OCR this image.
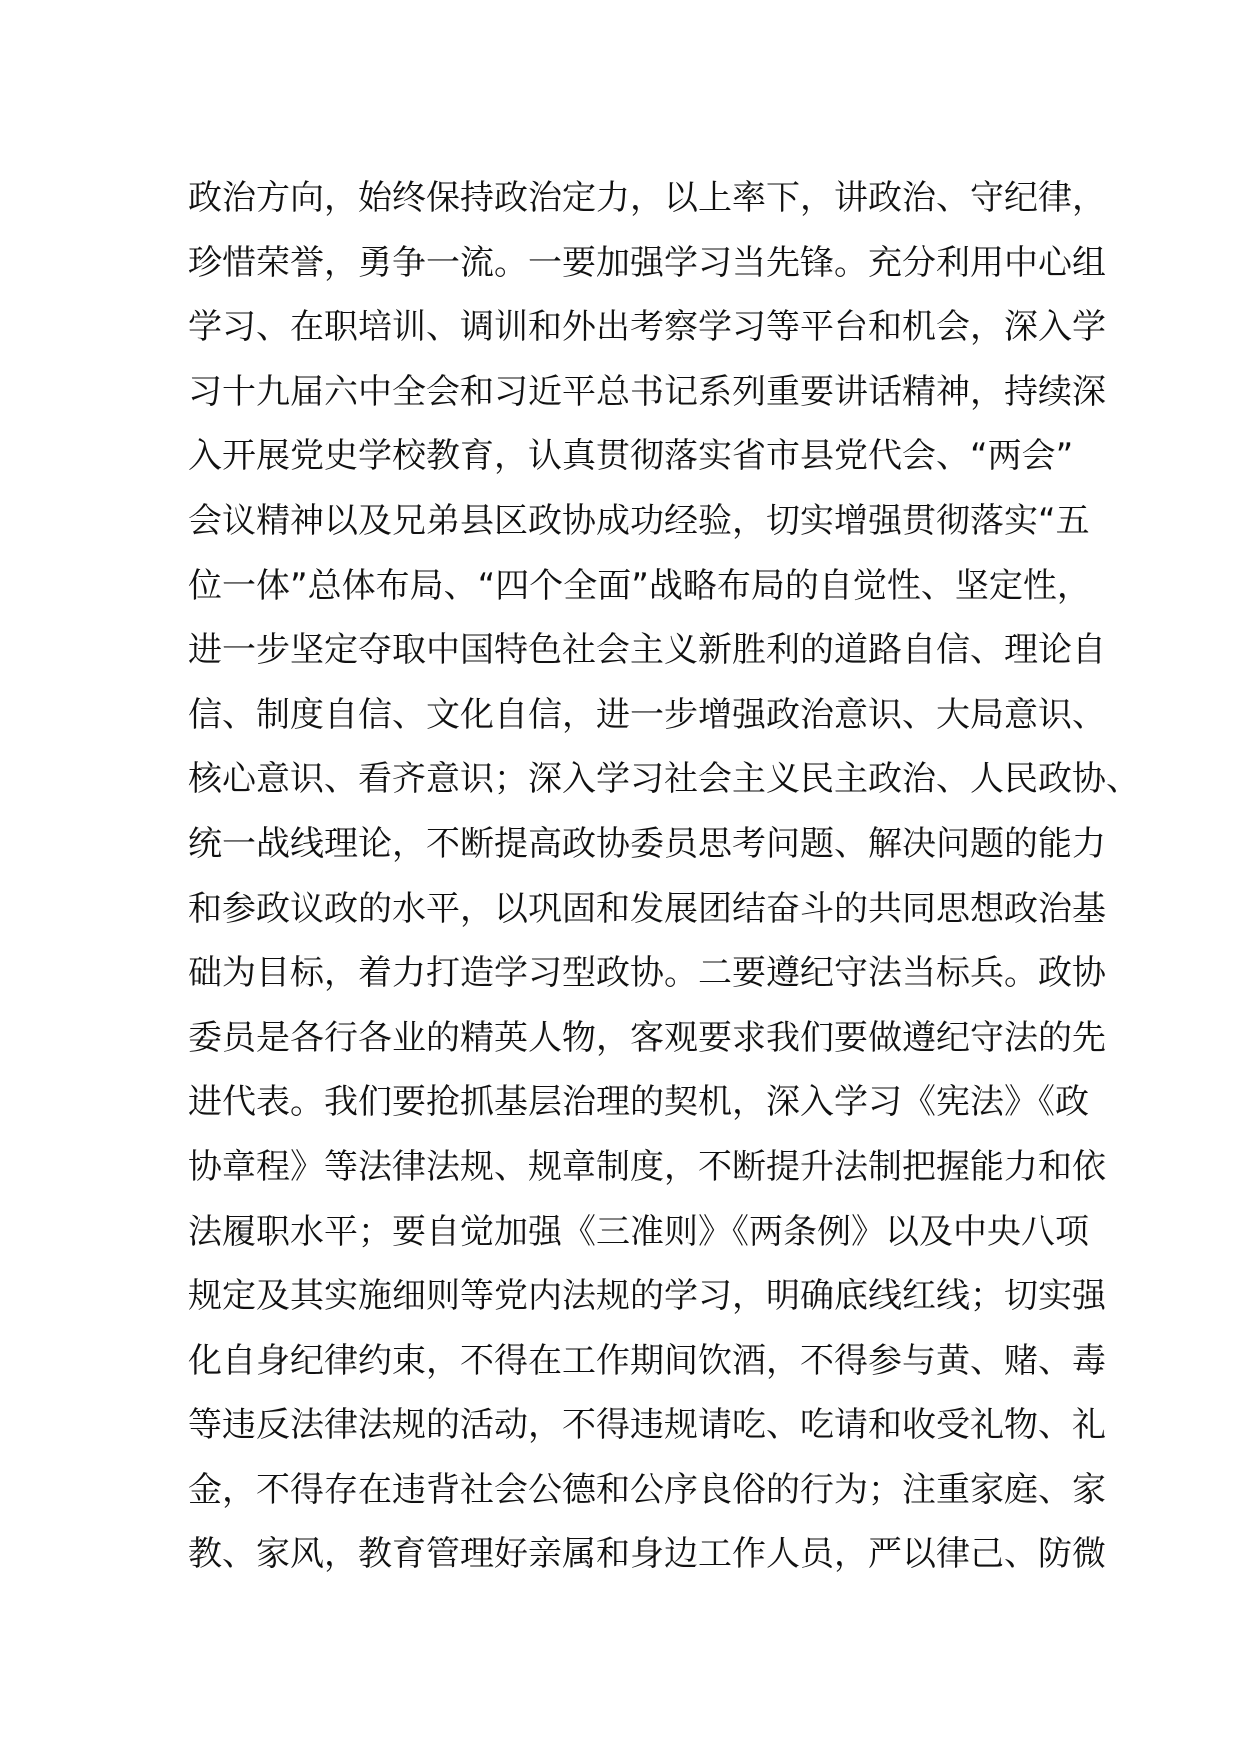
政治方向，始终保持政治定力，以上率下，讲政治、守纪律，
珍惜荣誉，勇争一流。一要加强学习当先锋。充分利用中心组
学习、在职培训、调训和外出考察学习等平台和机会，深入学
习十九届六中全会和习近平总书记系列重要讲话精神，持续深
入开展党史学校教育，认真贯彻落实省市县党代会、“两会”
会议精神以及兄弟县区政协成功经验，切实增强贯彻落实“五
位一体”总体布局、“四个全面”战略布局的自觉性、坚定性，
进一步坚定夺取中国特色社会主义新胜利的道路自信、理论自
信、制度自信、文化自信，进一步增强政治意识、大局意识、
核心意识、看齐意识；深入学习社会主义民主政治、人民政协、
统一战线理论，不断提高政协委员思考问题、解决问题的能力
和参政议政的水平，以巩固和发展团结奋斗的共同思想政治基
础为目标，着力打造学习型政协。二要遵纪守法当标兵。政协
委员是各行各业的精英人物，客观要求我们要做遵纪守法的先
进代表。我们要抢抓基层治理的契机，深入学习《宪法》《政
协章程》等法律法规、规章制度，不断提升法制把握能力和依
法履职水平；要自觉加强《三准则》《两条例》以及中央八项
规定及其实施细则等党内法规的学习，明确底线红线；切实强
化自身纪律约束，不得在工作期间饮酒，不得参与黄、赌、毒
等违反法律法规的活动，不得违规请吃、吃请和收受礼物、礼
金，不得存在违背社会公德和公序良俗的行为；注重家庭、家
教、家风，教育管理好亲属和身边工作人员，严以律己、防微
